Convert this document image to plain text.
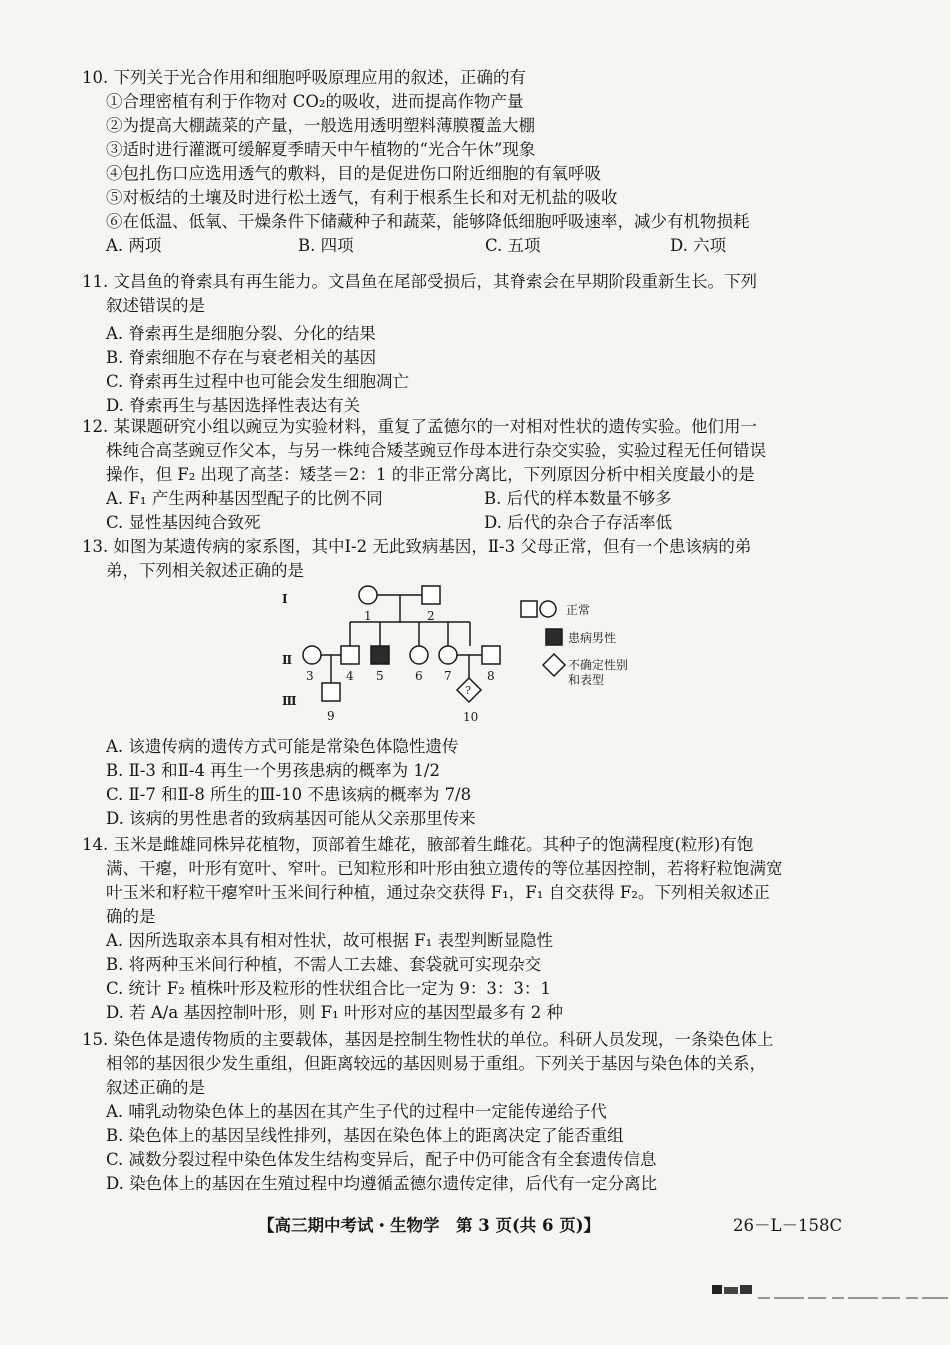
10. 下列关于光合作用和细胞呼吸原理应用的叙述，正确的有
①合理密植有利于作物对 CO₂的吸收，进而提高作物产量
②为提高大棚蔬菜的产量，一般选用透明塑料薄膜覆盖大棚
③适时进行灌溉可缓解夏季晴天中午植物的“光合午休”现象
④包扎伤口应选用透气的敷料，目的是促进伤口附近细胞的有氧呼吸
⑤对板结的土壤及时进行松土透气，有利于根系生长和对无机盐的吸收
⑥在低温、低氧、干燥条件下储藏种子和蔬菜，能够降低细胞呼吸速率，减少有机物损耗
A. 两项	B. 四项	C. 五项	D. 六项
11. 文昌鱼的脊索具有再生能力。文昌鱼在尾部受损后，其脊索会在早期阶段重新生长。下列
叙述错误的是
A. 脊索再生是细胞分裂、分化的结果
B. 脊索细胞不存在与衰老相关的基因
C. 脊索再生过程中也可能会发生细胞凋亡
D. 脊索再生与基因选择性表达有关
12. 某课题研究小组以豌豆为实验材料，重复了孟德尔的一对相对性状的遗传实验。他们用一
株纯合高茎豌豆作父本，与另一株纯合矮茎豌豆作母本进行杂交实验，实验过程无任何错误
操作，但 F₂ 出现了高茎：矮茎＝2：1 的非正常分离比，下列原因分析中相关度最小的是
A. F₁ 产生两种基因型配子的比例不同	B. 后代的样本数量不够多
C. 显性基因纯合致死	D. 后代的杂合子存活率低
13. 如图为某遗传病的家系图，其中Ⅰ-2 无此致病基因，Ⅱ-3 父母正常，但有一个患该病的弟
弟，下列相关叙述正确的是
Ⅰ
Ⅱ
Ⅲ
1	2
3	4 5	6 7	8
9	10
?
正常
患病男性
不确定性别
和表型
A. 该遗传病的遗传方式可能是常染色体隐性遗传
B. Ⅱ-3 和Ⅱ-4 再生一个男孩患病的概率为 1/2
C. Ⅱ-7 和Ⅱ-8 所生的Ⅲ-10 不患该病的概率为 7/8
D. 该病的男性患者的致病基因可能从父亲那里传来
14. 玉米是雌雄同株异花植物，顶部着生雄花，腋部着生雌花。其种子的饱满程度(粒形)有饱
满、干瘪，叶形有宽叶、窄叶。已知粒形和叶形由独立遗传的等位基因控制，若将籽粒饱满宽
叶玉米和籽粒干瘪窄叶玉米间行种植，通过杂交获得 F₁，F₁ 自交获得 F₂。下列相关叙述正
确的是
A. 因所选取亲本具有相对性状，故可根据 F₁ 表型判断显隐性
B. 将两种玉米间行种植，不需人工去雄、套袋就可实现杂交
C. 统计 F₂ 植株叶形及粒形的性状组合比一定为 9：3：3：1
D. 若 A/a 基因控制叶形，则 F₁ 叶形对应的基因型最多有 2 种
15. 染色体是遗传物质的主要载体，基因是控制生物性状的单位。科研人员发现，一条染色体上
相邻的基因很少发生重组，但距离较远的基因则易于重组。下列关于基因与染色体的关系，
叙述正确的是
A. 哺乳动物染色体上的基因在其产生子代的过程中一定能传递给子代
B. 染色体上的基因呈线性排列，基因在染色体上的距离决定了能否重组
C. 减数分裂过程中染色体发生结构变异后，配子中仍可能含有全套遗传信息
D. 染色体上的基因在生殖过程中均遵循孟德尔遗传定律，后代有一定分离比
【高三期中考试・生物学　第 3 页(共 6 页)】	26－L－158C
